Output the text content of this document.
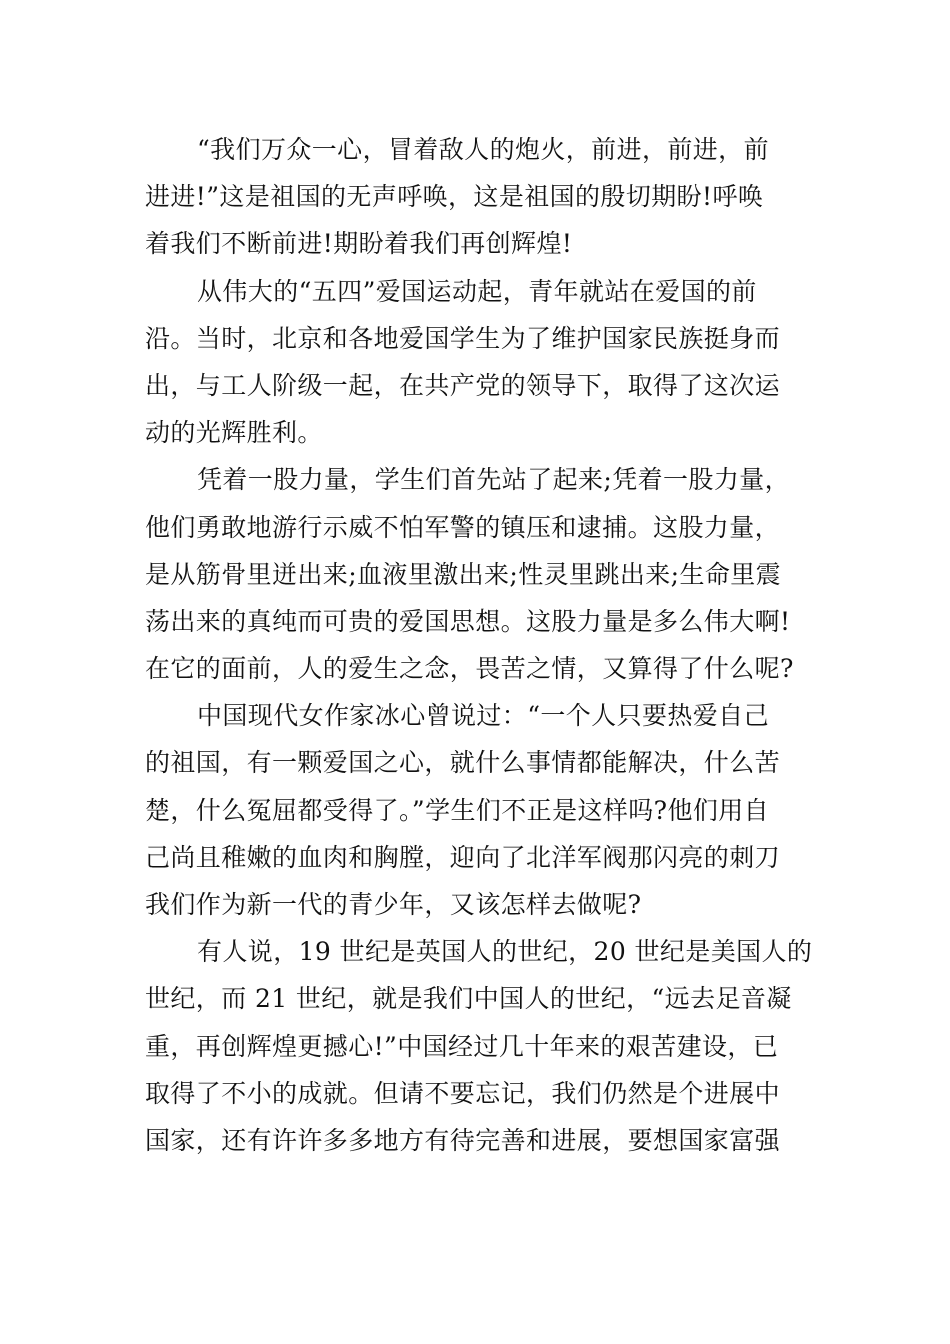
“我们万众一心，冒着敌人的炮火，前进，前进，前
进进!”这是祖国的无声呼唤，这是祖国的殷切期盼!呼唤
着我们不断前进!期盼着我们再创辉煌!
从伟大的“五四”爱国运动起，青年就站在爱国的前
沿。当时，北京和各地爱国学生为了维护国家民族挺身而
出，与工人阶级一起，在共产党的领导下，取得了这次运
动的光辉胜利。
凭着一股力量，学生们首先站了起来;凭着一股力量，
他们勇敢地游行示威不怕军警的镇压和逮捕。这股力量，
是从筋骨里迸出来;血液里激出来;性灵里跳出来;生命里震
荡出来的真纯而可贵的爱国思想。这股力量是多么伟大啊!
在它的面前，人的爱生之念，畏苦之情，又算得了什么呢?
中国现代女作家冰心曾说过：“一个人只要热爱自己
的祖国，有一颗爱国之心，就什么事情都能解决，什么苦
楚，什么冤屈都受得了。”学生们不正是这样吗?他们用自
己尚且稚嫩的血肉和胸膛，迎向了北洋军阀那闪亮的刺刀
我们作为新一代的青少年，又该怎样去做呢?
有人说，19 世纪是英国人的世纪，20 世纪是美国人的
世纪，而 21 世纪，就是我们中国人的世纪，“远去足音凝
重，再创辉煌更撼心!”中国经过几十年来的艰苦建设，已
取得了不小的成就。但请不要忘记，我们仍然是个进展中
国家，还有许许多多地方有待完善和进展，要想国家富强
